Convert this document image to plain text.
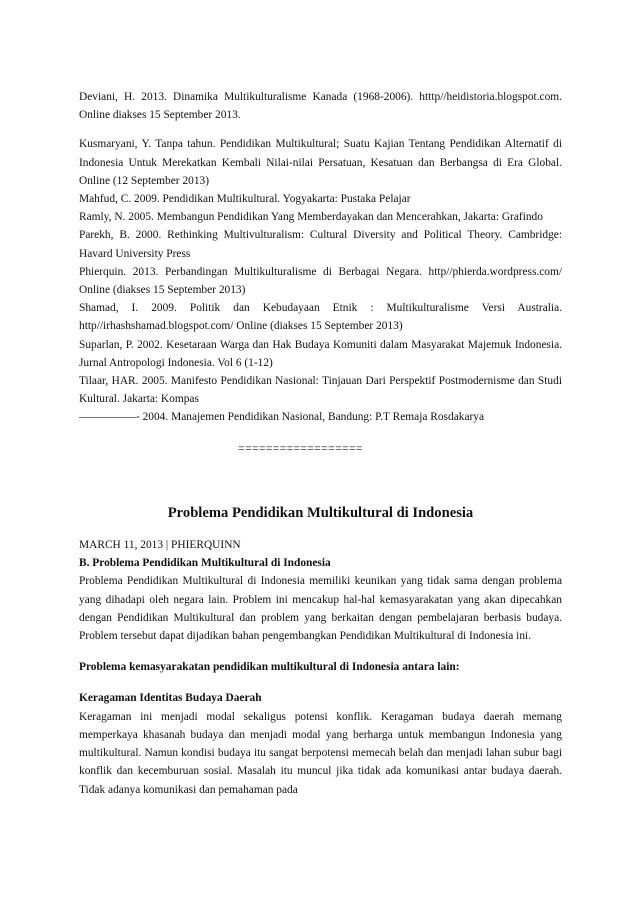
Deviani, H. 2013. Dinamika Multikulturalisme Kanada (1968-2006). htttp//heidistoria.blogspot.com. Online diakses 15 September 2013.

Kusmaryani, Y. Tanpa tahun. Pendidikan Multikultural; Suatu Kajian Tentang Pendidikan Alternatif di Indonesia Untuk Merekatkan Kembali Nilai-nilai Persatuan, Kesatuan dan Berbangsa di Era Global. Online (12 September 2013)

Mahfud, C. 2009. Pendidikan Multikultural. Yogyakarta: Pustaka Pelajar

Ramly, N. 2005. Membangun Pendidikan Yang Memberdayakan dan Mencerahkan, Jakarta: Grafindo

Parekh, B. 2000. Rethinking Multivulturalism: Cultural Diversity and Political Theory. Cambridge: Havard University Press

Phierquin. 2013. Perbandingan Multikulturalisme di Berbagai Negara. http//phierda.wordpress.com/ Online (diakses 15 September 2013)

Shamad, I. 2009. Politik dan Kebudayaan Etnik : Multikulturalisme Versi Australia. http//irhashshamad.blogspot.com/ Online (diakses 15 September 2013)

Suparlan, P. 2002. Kesetaraan Warga dan Hak Budaya Komuniti dalam Masyarakat Majemuk Indonesia. Jurnal Antropologi Indonesia. Vol 6 (1-12)

Tilaar, HAR. 2005. Manifesto Pendidikan Nasional: Tinjauan Dari Perspektif Postmodernisme dan Studi Kultural. Jakarta: Kompas

—————- 2004. Manajemen Pendidikan Nasional, Bandung: P.T Remaja Rosdakarya

==================

Problema Pendidikan Multikultural di Indonesia

MARCH 11, 2013 | PHIERQUINN

B. Problema Pendidikan Multikultural di Indonesia

Problema Pendidikan Multikultural di Indonesia memiliki keunikan yang tidak sama dengan problema yang dihadapi oleh negara lain. Problem ini mencakup hal-hal kemasyarakatan yang akan dipecahkan dengan Pendidikan Multikultural dan problem yang berkaitan dengan pembelajaran berbasis budaya. Problem tersebut dapat dijadikan bahan pengembangkan Pendidikan Multikultural di Indonesia ini.

Problema kemasyarakatan pendidikan multikultural di Indonesia antara lain:

Keragaman Identitas Budaya Daerah

Keragaman ini menjadi modal sekaligus potensi konflik. Keragaman budaya daerah memang memperkaya khasanah budaya dan menjadi modal yang berharga untuk membangun Indonesia yang multikultural. Namun kondisi budaya itu sangat berpotensi memecah belah dan menjadi lahan subur bagi konflik dan kecemburuan sosial. Masalah itu muncul jika tidak ada komunikasi antar budaya daerah. Tidak adanya komunikasi dan pemahaman pada
